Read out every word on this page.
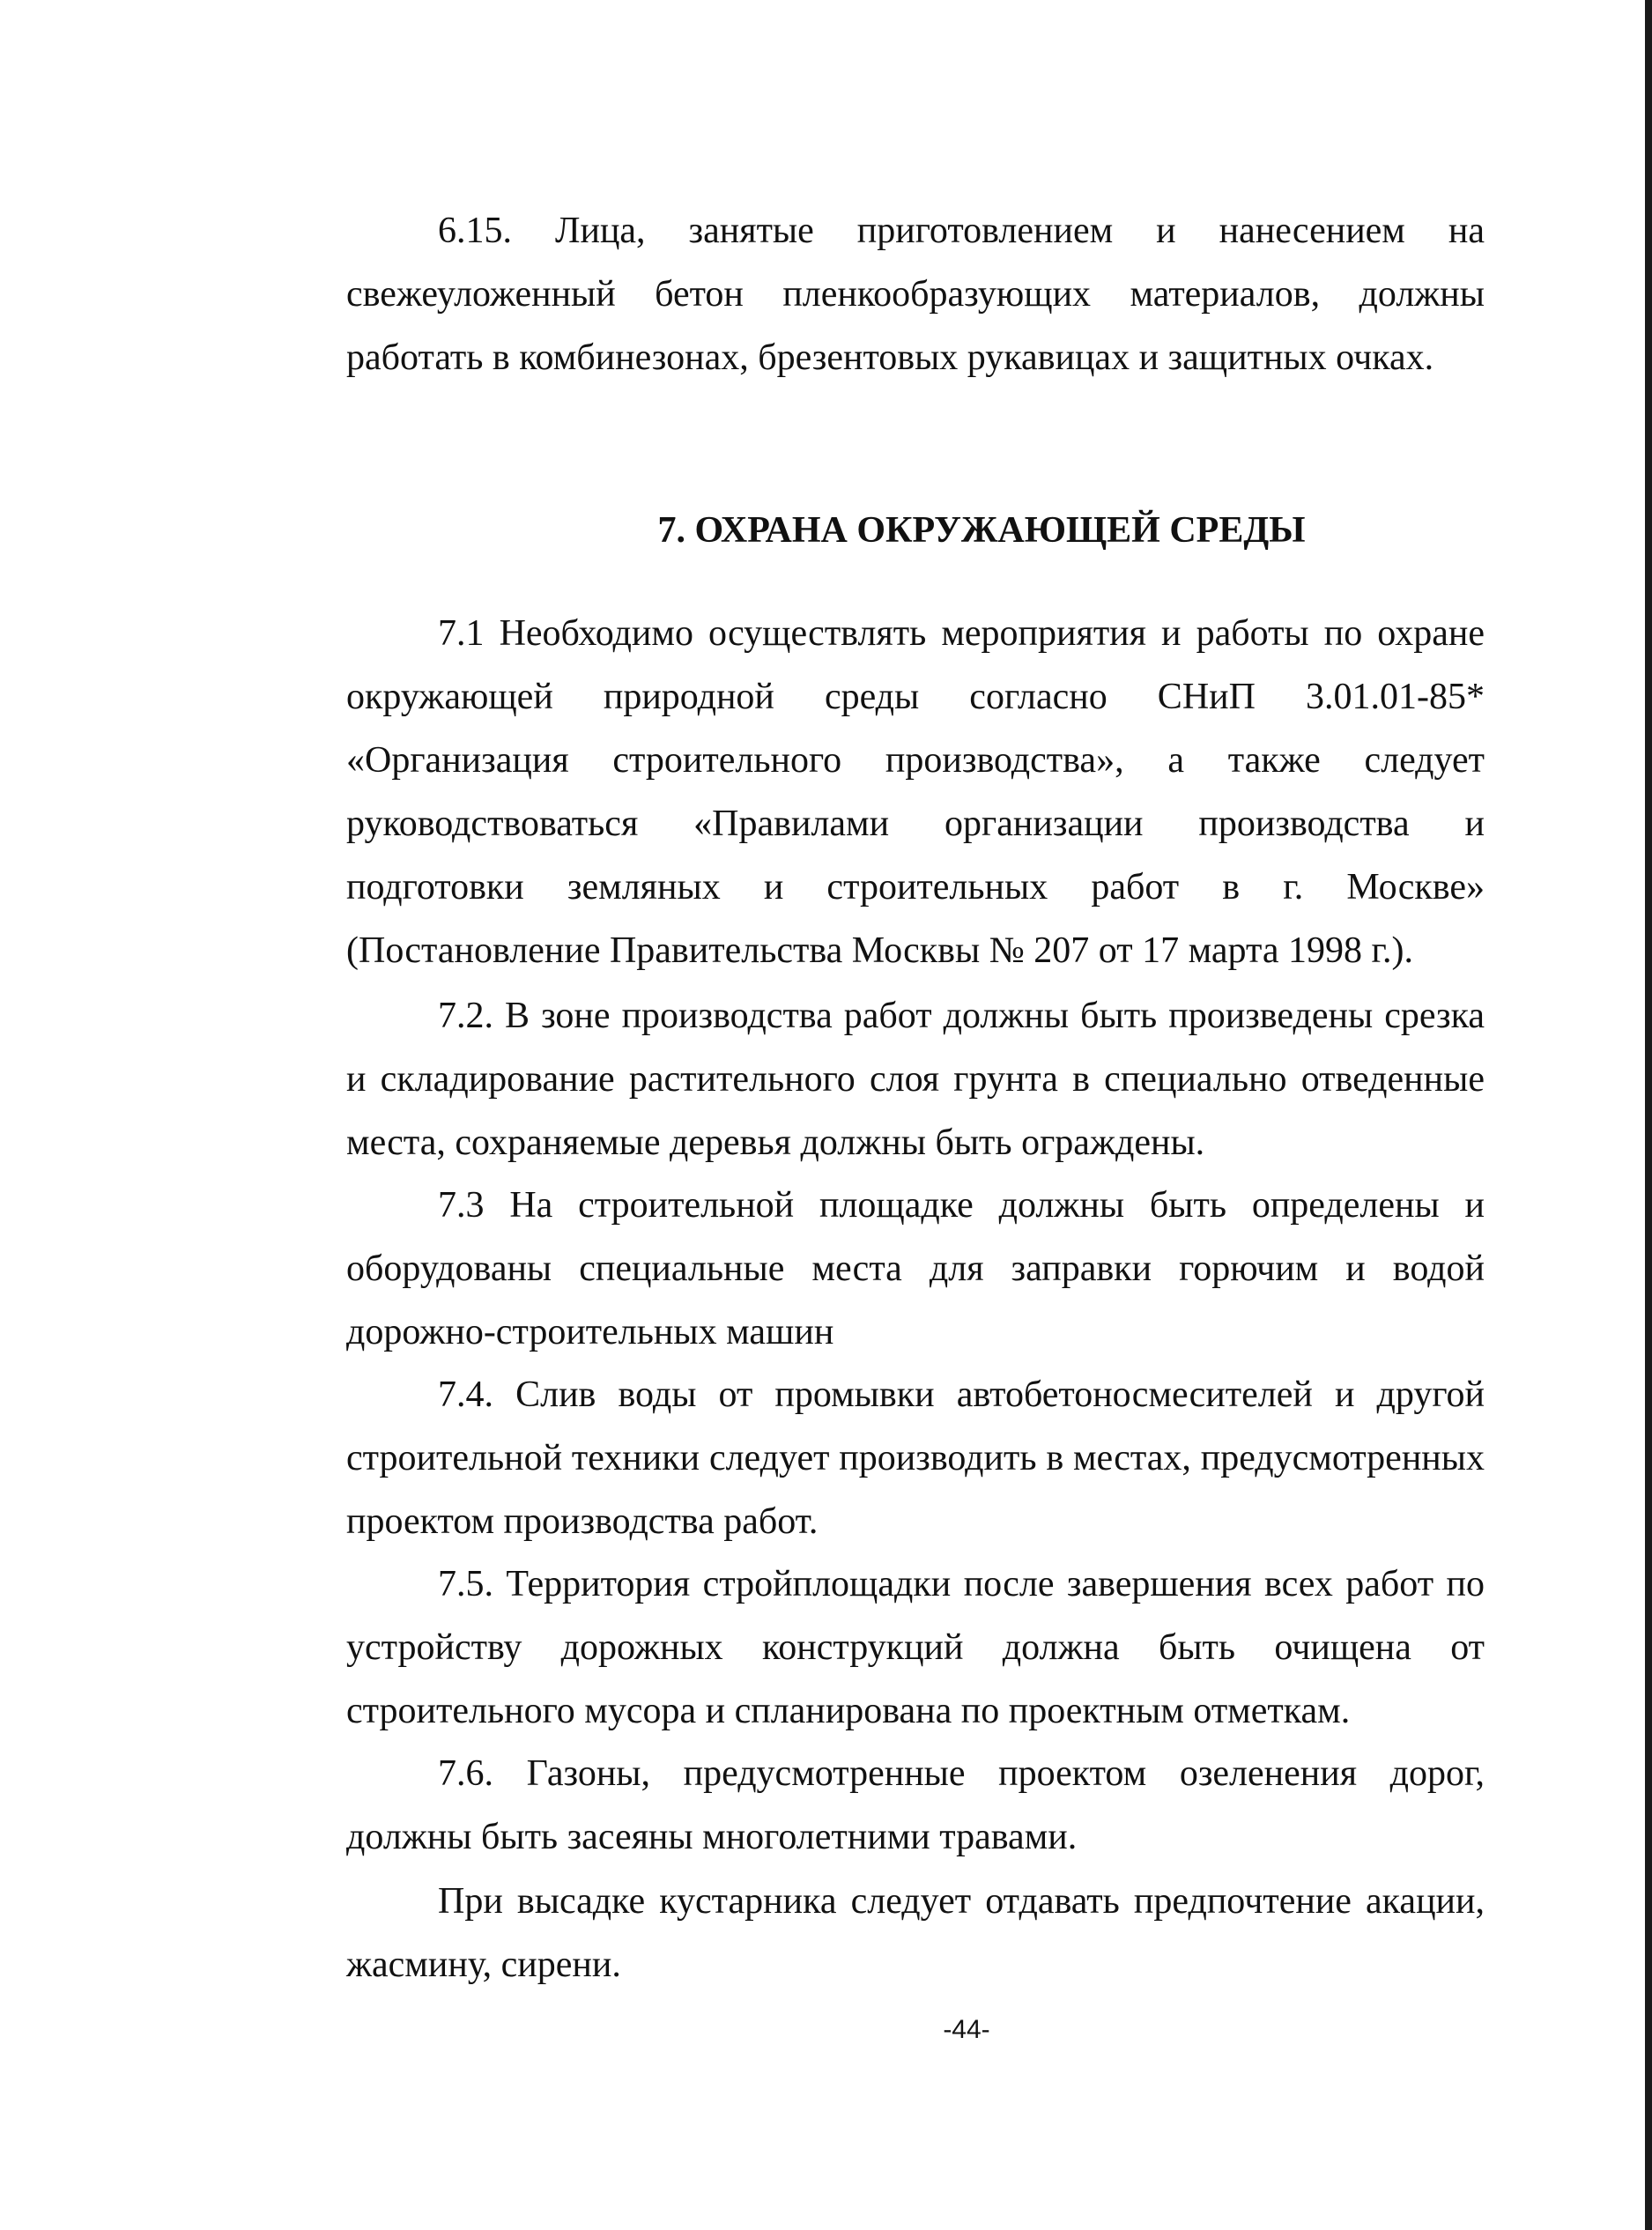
6.15. Лица, занятые приготовлением и нанесением на свежеуложенный бетон пленкообразующих материалов, должны работать в комбинезонах, брезентовых рукавицах и защитных очках.

7. ОХРАНА ОКРУЖАЮЩЕЙ СРЕДЫ

7.1 Необходимо осуществлять мероприятия и работы по охране окружающей природной среды согласно СНиП 3.01.01-85* «Организация строительного производства», а также следует руководствоваться «Правилами организации производства и подготовки земляных и строительных работ в г. Москве» (Постановление Правительства Москвы № 207 от 17 марта 1998 г.).

7.2. В зоне производства работ должны быть произведены срезка и складирование растительного слоя грунта в специально отведенные места, сохраняемые деревья должны быть ограждены.

7.3 На строительной площадке должны быть определены и оборудованы специальные места для заправки горючим и водой дорожно-строительных машин

7.4. Слив воды от промывки автобетоносмесителей и другой строительной техники следует производить в местах, предусмотренных проектом производства работ.

7.5. Территория стройплощадки после завершения всех работ по устройству дорожных конструкций должна быть очищена от строительного мусора и спланирована по проектным отметкам.

7.6. Газоны, предусмотренные проектом озеленения дорог, должны быть засеяны многолетними травами.

При высадке кустарника следует отдавать предпочтение акации, жасмину, сирени.

-44-
